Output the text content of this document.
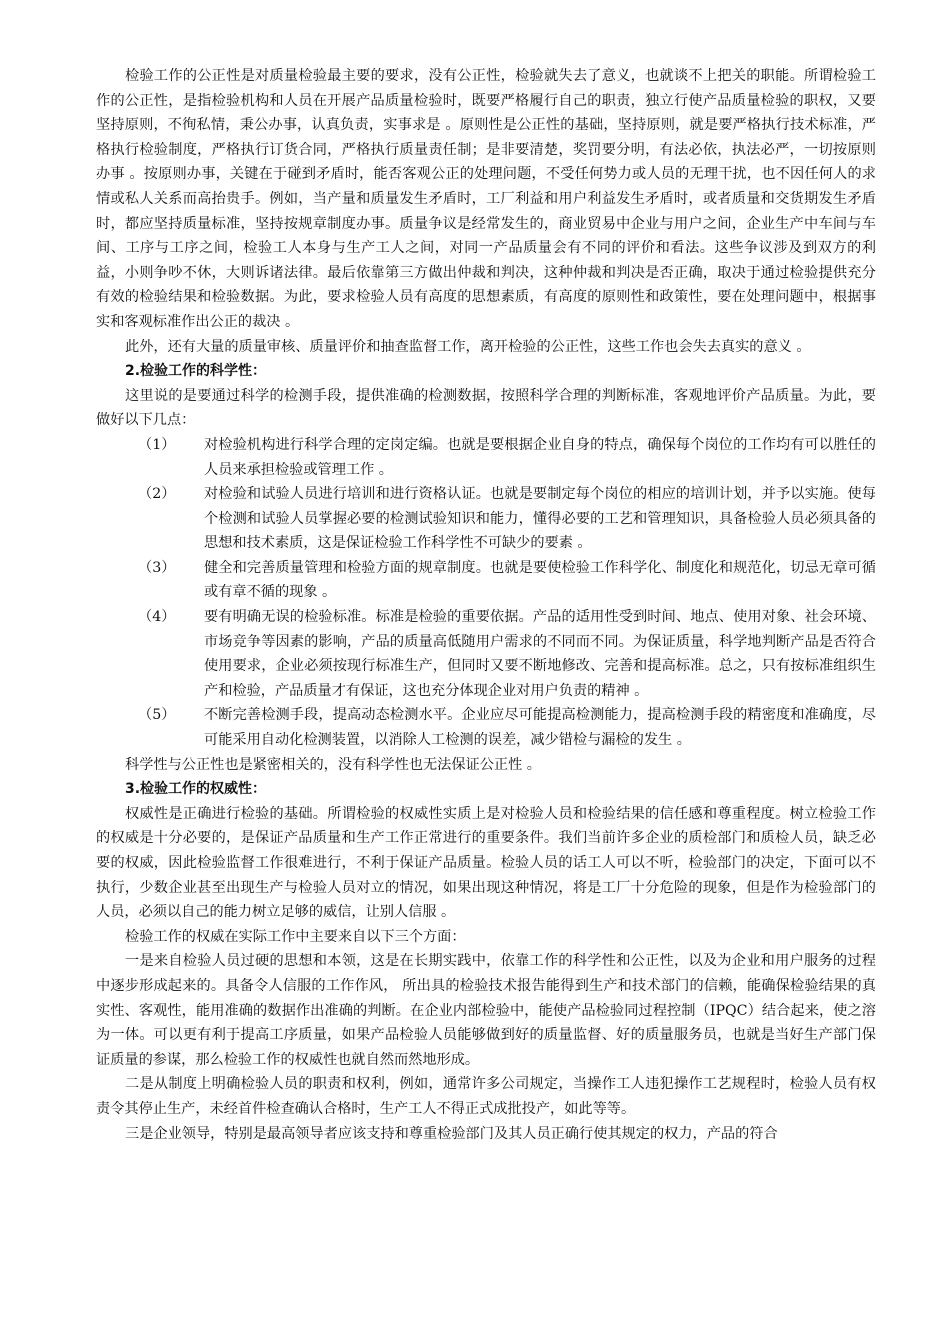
检验工作的公正性是对质量检验最主要的要求，没有公正性，检验就失去了意义，也就谈不上把关的职能。所谓检验工作的公正性，是指检验机构和人员在开展产品质量检验时，既要严格履行自己的职责，独立行使产品质量检验的职权，又要坚持原则，不徇私情，秉公办事，认真负责，实事求是 。原则性是公正性的基础，坚持原则，就是要严格执行技术标准，严格执行检验制度，严格执行订货合同，严格执行质量责任制；是非要清楚，奖罚要分明，有法必依，执法必严，一切按原则办事 。按原则办事，关键在于碰到矛盾时，能否客观公正的处理问题，不受任何势力或人员的无理干扰，也不因任何人的求情或私人关系而高抬贵手。例如，当产量和质量发生矛盾时，工厂利益和用户利益发生矛盾时，或者质量和交货期发生矛盾时，都应坚持质量标准，坚持按规章制度办事。质量争议是经常发生的，商业贸易中企业与用户之间，企业生产中车间与车间、工序与工序之间，检验工人本身与生产工人之间，对同一产品质量会有不同的评价和看法。这些争议涉及到双方的利益，小则争吵不休，大则诉诸法律。最后依靠第三方做出仲裁和判决，这种仲裁和判决是否正确，取决于通过检验提供充分有效的检验结果和检验数据。为此，要求检验人员有高度的思想素质，有高度的原则性和政策性，要在处理问题中，根据事实和客观标准作出公正的裁决 。

此外，还有大量的质量审核、质量评价和抽查监督工作，离开检验的公正性，这些工作也会失去真实的意义 。

2.检验工作的科学性：

这里说的是要通过科学的检测手段，提供准确的检测数据，按照科学合理的判断标准，客观地评价产品质量。为此，要做好以下几点：

（1） 对检验机构进行科学合理的定岗定编。也就是要根据企业自身的特点，确保每个岗位的工作均有可以胜任的人员来承担检验或管理工作 。
（2） 对检验和试验人员进行培训和进行资格认证。也就是要制定每个岗位的相应的培训计划，并予以实施。使每个检测和试验人员掌握必要的检测试验知识和能力，懂得必要的工艺和管理知识，具备检验人员必须具备的思想和技术素质，这是保证检验工作科学性不可缺少的要素 。
（3） 健全和完善质量管理和检验方面的规章制度。也就是要使检验工作科学化、制度化和规范化，切忌无章可循或有章不循的现象 。
（4） 要有明确无误的检验标准。标准是检验的重要依据。产品的适用性受到时间、地点、使用对象、社会环境、市场竞争等因素的影响，产品的质量高低随用户需求的不同而不同。为保证质量，科学地判断产品是否符合使用要求，企业必须按现行标准生产，但同时又要不断地修改、完善和提高标准。总之，只有按标准组织生产和检验，产品质量才有保证，这也充分体现企业对用户负责的精神 。
（5） 不断完善检测手段，提高动态检测水平。企业应尽可能提高检测能力，提高检测手段的精密度和准确度，尽可能采用自动化检测装置，以消除人工检测的误差，减少错检与漏检的发生 。

科学性与公正性也是紧密相关的，没有科学性也无法保证公正性 。

3.检验工作的权威性：

权威性是正确进行检验的基础。所谓检验的权威性实质上是对检验人员和检验结果的信任感和尊重程度。树立检验工作的权威是十分必要的，是保证产品质量和生产工作正常进行的重要条件。我们当前许多企业的质检部门和质检人员，缺乏必要的权威，因此检验监督工作很难进行，不利于保证产品质量。检验人员的话工人可以不听，检验部门的决定，下面可以不执行，少数企业甚至出现生产与检验人员对立的情况，如果出现这种情况，将是工厂十分危险的现象，但是作为检验部门的人员，必须以自己的能力树立足够的威信，让别人信服 。

检验工作的权威在实际工作中主要来自以下三个方面：

一是来自检验人员过硬的思想和本领，这是在长期实践中，依靠工作的科学性和公正性，以及为企业和用户服务的过程中逐步形成起来的。具备令人信服的工作作风， 所出具的检验技术报告能得到生产和技术部门的信赖，能确保检验结果的真实性、客观性，能用准确的数据作出准确的判断。在企业内部检验中，能使产品检验同过程控制（IPQC）结合起来，使之溶为一体。可以更有利于提高工序质量，如果产品检验人员能够做到好的质量监督、好的质量服务员，也就是当好生产部门保证质量的参谋，那么检验工作的权威性也就自然而然地形成。

二是从制度上明确检验人员的职责和权利，例如，通常许多公司规定，当操作工人违犯操作工艺规程时，检验人员有权责令其停止生产，未经首件检查确认合格时，生产工人不得正式成批投产，如此等等。

三是企业领导，特别是最高领导者应该支持和尊重检验部门及其人员正确行使其规定的权力，产品的符合
